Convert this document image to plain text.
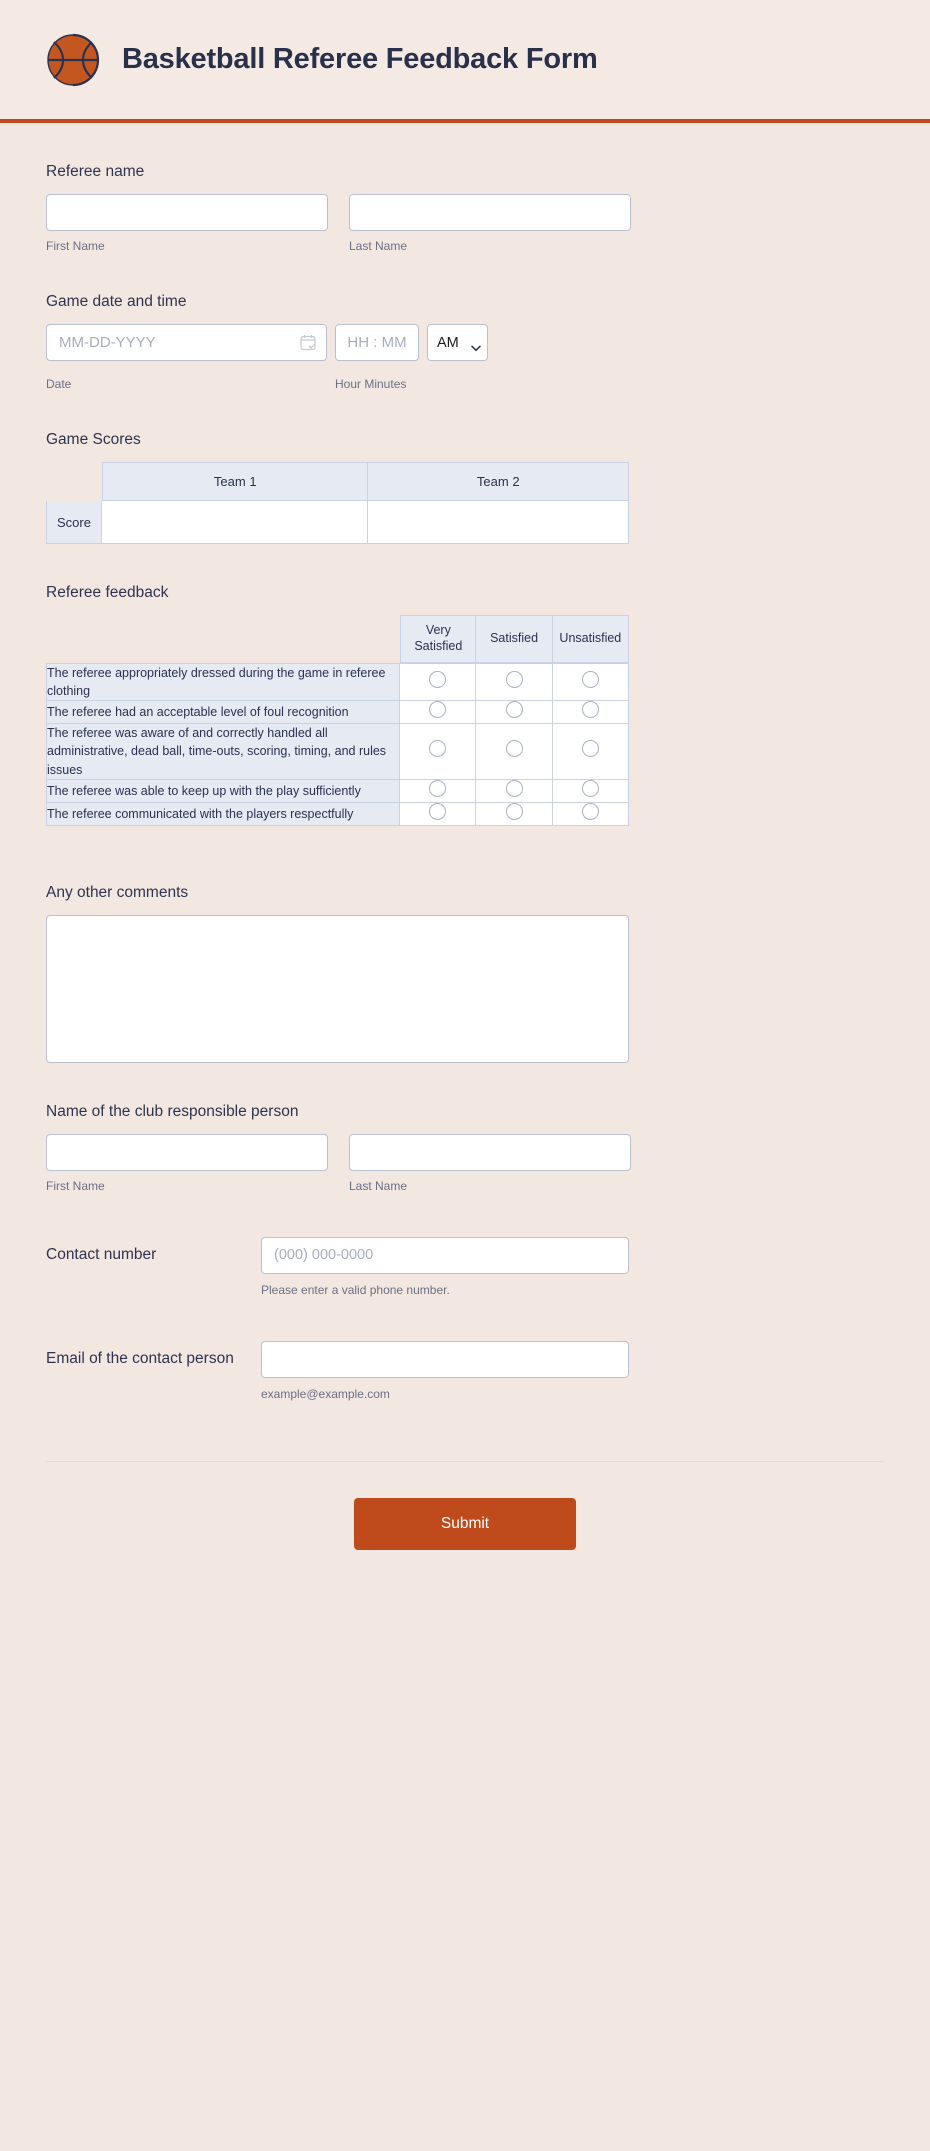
Basketball Referee Feedback Form
Referee name
First Name	Last Name
Game date and time
MM-DD-YYYY
HH : MM
AM
Date	Hour Minutes
Game Scores
	Team 1	Team 2
Score		
Referee feedback
	Very Satisfied	Satisfied	Unsatisfied
The referee appropriately dressed during the game in referee clothing			
The referee had an acceptable level of foul recognition			
The referee was aware of and correctly handled all administrative, dead ball, time-outs, scoring, timing, and rules issues			
The referee was able to keep up with the play sufficiently			
The referee communicated with the players respectfully			
Any other comments
Name of the club responsible person
First Name	Last Name
Contact number
(000) 000-0000
Please enter a valid phone number.
Email of the contact person
example@example.com
Submit
